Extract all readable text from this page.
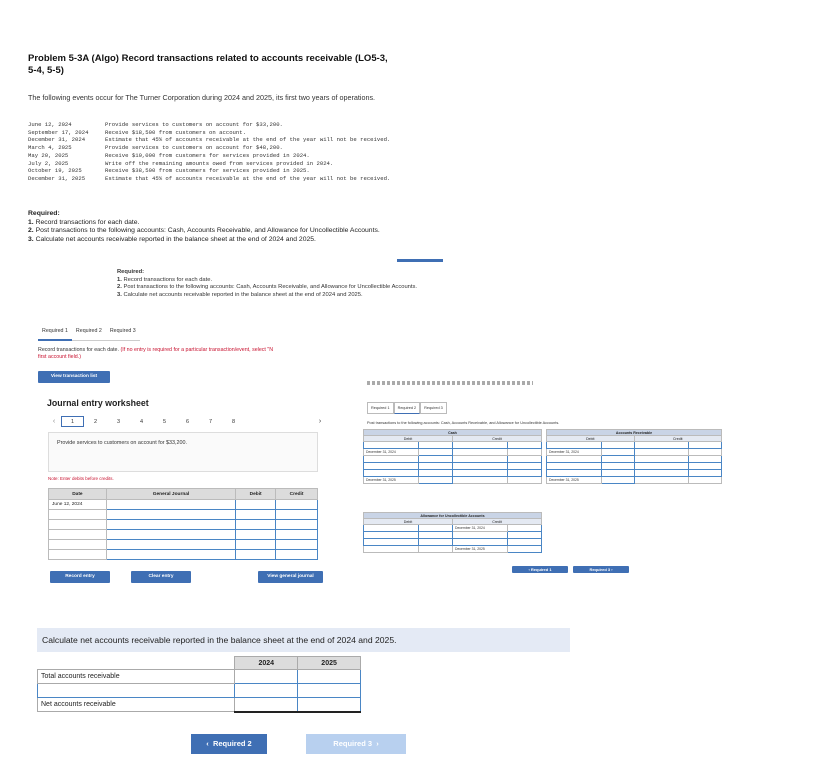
Problem 5-3A (Algo) Record transactions related to accounts receivable (LO5-3, 5-4, 5-5)
The following events occur for The Turner Corporation during 2024 and 2025, its first two years of operations.
June 12, 2024	Provide services to customers on account for $33,200.
September 17, 2024	Receive $18,500 from customers on account.
December 31, 2024	Estimate that 45% of accounts receivable at the end of the year will not be received.
March 4, 2025	Provide services to customers on account for $48,200.
May 20, 2025	Receive $10,000 from customers for services provided in 2024.
July 2, 2025	Write off the remaining amounts owed from services provided in 2024.
October 19, 2025	Receive $38,500 from customers for services provided in 2025.
December 31, 2025	Estimate that 45% of accounts receivable at the end of the year will not be received.
Required:
1. Record transactions for each date.
2. Post transactions to the following accounts: Cash, Accounts Receivable, and Allowance for Uncollectible Accounts.
3. Calculate net accounts receivable reported in the balance sheet at the end of 2024 and 2025.
Required:
1. Record transactions for each date.
2. Post transactions to the following accounts: Cash, Accounts Receivable, and Allowance for Uncollectible Accounts.
3. Calculate net accounts receivable reported in the balance sheet at the end of 2024 and 2025.
Required 1	Required 2	Required 3
Record transactions for each date. (If no entry is required for a particular transaction/event, select "N
first account field.)
View transaction list
Journal entry worksheet
‹	1	2	3	4	5	6	7	8	›
Provide services to customers on account for $33,200.
Note: Enter debits before credits.
Date	General Journal	Debit	Credit
June 12, 2024			

Record entry	Clear entry	View general journal
Required 1	Required 2	Required 3
Post transactions to the following accounts: Cash, Accounts Receivable, and Allowance for Uncollectible Accounts.
Cash			
Debit		Credit	

December 31, 2024			

December 31, 2025			
Accounts Receivable			
Debit		Credit	

December 31, 2024			

December 31, 2025			
Allowance for Uncollectible Accounts			
Debit		Credit	
		December 31, 2024	

		December 31, 2025	
‹ Required 1	Required 3 ›
Calculate net accounts receivable reported in the balance sheet at the end of 2024 and 2025.
	2024	2025
Total accounts receivable		

Net accounts receivable		
‹  Required 2	Required 3  ›
